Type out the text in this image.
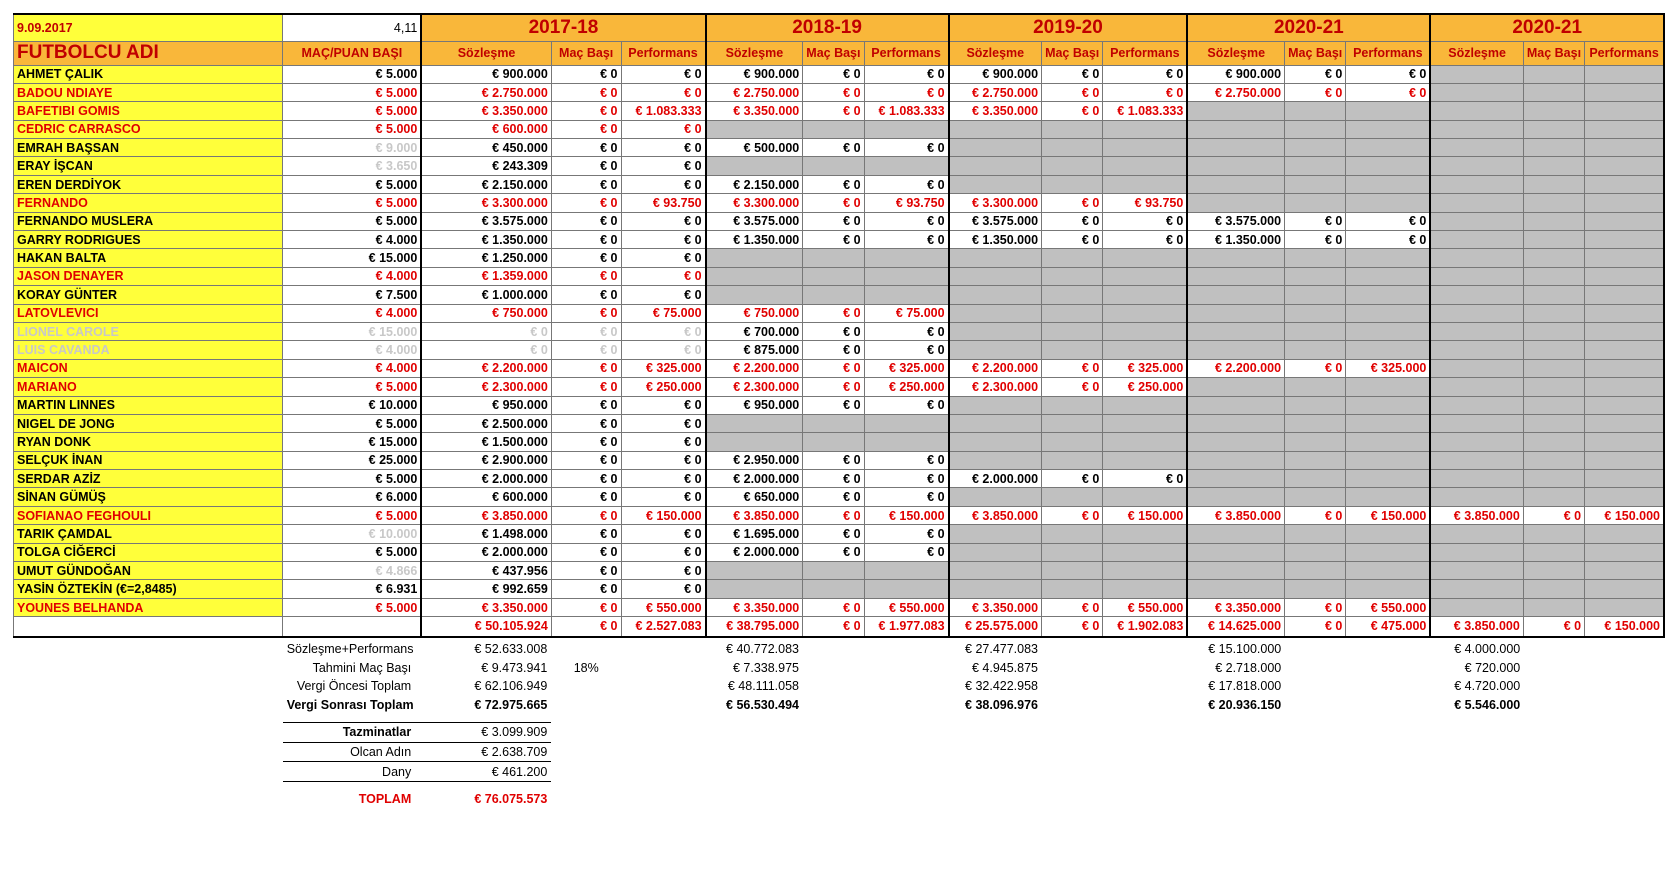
9.09.2017	4,11	2017-18			2018-19			2019-20			2020-21			2020-21		
FUTBOLCU ADI	MAÇ/PUAN BAŞI	Sözleşme	Maç Başı	Performans	Sözleşme	Maç Başı	Performans	Sözleşme	Maç Başı	Performans	Sözleşme	Maç Başı	Performans	Sözleşme	Maç Başı	Performans
AHMET ÇALIK	€ 5.000	€ 900.000	€ 0	€ 0	€ 900.000	€ 0	€ 0	€ 900.000	€ 0	€ 0	€ 900.000	€ 0	€ 0			
BADOU NDIAYE	€ 5.000	€ 2.750.000	€ 0	€ 0	€ 2.750.000	€ 0	€ 0	€ 2.750.000	€ 0	€ 0	€ 2.750.000	€ 0	€ 0			
BAFETIBI GOMIS	€ 5.000	€ 3.350.000	€ 0	€ 1.083.333	€ 3.350.000	€ 0	€ 1.083.333	€ 3.350.000	€ 0	€ 1.083.333						
CEDRIC CARRASCO	€ 5.000	€ 600.000	€ 0	€ 0												
EMRAH BAŞSAN	€ 9.000	€ 450.000	€ 0	€ 0	€ 500.000	€ 0	€ 0									
ERAY İŞCAN	€ 3.650	€ 243.309	€ 0	€ 0												
EREN DERDİYOK	€ 5.000	€ 2.150.000	€ 0	€ 0	€ 2.150.000	€ 0	€ 0									
FERNANDO	€ 5.000	€ 3.300.000	€ 0	€ 93.750	€ 3.300.000	€ 0	€ 93.750	€ 3.300.000	€ 0	€ 93.750						
FERNANDO MUSLERA	€ 5.000	€ 3.575.000	€ 0	€ 0	€ 3.575.000	€ 0	€ 0	€ 3.575.000	€ 0	€ 0	€ 3.575.000	€ 0	€ 0			
GARRY RODRIGUES	€ 4.000	€ 1.350.000	€ 0	€ 0	€ 1.350.000	€ 0	€ 0	€ 1.350.000	€ 0	€ 0	€ 1.350.000	€ 0	€ 0			
HAKAN BALTA	€ 15.000	€ 1.250.000	€ 0	€ 0												
JASON DENAYER	€ 4.000	€ 1.359.000	€ 0	€ 0												
KORAY GÜNTER	€ 7.500	€ 1.000.000	€ 0	€ 0												
LATOVLEVICI	€ 4.000	€ 750.000	€ 0	€ 75.000	€ 750.000	€ 0	€ 75.000									
LIONEL CAROLE	€ 15.000	€ 0	€ 0	€ 0	€ 700.000	€ 0	€ 0									
LUIS CAVANDA	€ 4.000	€ 0	€ 0	€ 0	€ 875.000	€ 0	€ 0									
MAICON	€ 4.000	€ 2.200.000	€ 0	€ 325.000	€ 2.200.000	€ 0	€ 325.000	€ 2.200.000	€ 0	€ 325.000	€ 2.200.000	€ 0	€ 325.000			
MARIANO	€ 5.000	€ 2.300.000	€ 0	€ 250.000	€ 2.300.000	€ 0	€ 250.000	€ 2.300.000	€ 0	€ 250.000						
MARTIN LINNES	€ 10.000	€ 950.000	€ 0	€ 0	€ 950.000	€ 0	€ 0									
NIGEL DE JONG	€ 5.000	€ 2.500.000	€ 0	€ 0												
RYAN DONK	€ 15.000	€ 1.500.000	€ 0	€ 0												
SELÇUK İNAN	€ 25.000	€ 2.900.000	€ 0	€ 0	€ 2.950.000	€ 0	€ 0									
SERDAR AZİZ	€ 5.000	€ 2.000.000	€ 0	€ 0	€ 2.000.000	€ 0	€ 0	€ 2.000.000	€ 0	€ 0						
SİNAN GÜMÜŞ	€ 6.000	€ 600.000	€ 0	€ 0	€ 650.000	€ 0	€ 0									
SOFIANAO FEGHOULI	€ 5.000	€ 3.850.000	€ 0	€ 150.000	€ 3.850.000	€ 0	€ 150.000	€ 3.850.000	€ 0	€ 150.000	€ 3.850.000	€ 0	€ 150.000	€ 3.850.000	€ 0	€ 150.000
TARIK ÇAMDAL	€ 10.000	€ 1.498.000	€ 0	€ 0	€ 1.695.000	€ 0	€ 0									
TOLGA CİĞERCİ	€ 5.000	€ 2.000.000	€ 0	€ 0	€ 2.000.000	€ 0	€ 0									
UMUT GÜNDOĞAN	€ 4.866	€ 437.956	€ 0	€ 0												
YASİN ÖZTEKİN (€=2,8485)	€ 6.931	€ 992.659	€ 0	€ 0												
YOUNES BELHANDA	€ 5.000	€ 3.350.000	€ 0	€ 550.000	€ 3.350.000	€ 0	€ 550.000	€ 3.350.000	€ 0	€ 550.000	€ 3.350.000	€ 0	€ 550.000			
		€ 50.105.924	€ 0	€ 2.527.083	€ 38.795.000	€ 0	€ 1.977.083	€ 25.575.000	€ 0	€ 1.902.083	€ 14.625.000	€ 0	€ 475.000	€ 3.850.000	€ 0	€ 150.000
	Sözleşme+Performans	€ 52.633.008			€ 40.772.083			€ 27.477.083			€ 15.100.000			€ 4.000.000		
	Tahmini Maç Başı	€ 9.473.941	18%		€ 7.338.975			€ 4.945.875			€ 2.718.000			€ 720.000		
	Vergi Öncesi Toplam	€ 62.106.949			€ 48.111.058			€ 32.422.958			€ 17.818.000			€ 4.720.000		
	Vergi Sonrası Toplam	€ 72.975.665			€ 56.530.494			€ 38.096.976			€ 20.936.150			€ 5.546.000		

	Tazminatlar	€ 3.099.909														
	Olcan Adın	€ 2.638.709														
	Dany	€ 461.200														

	TOPLAM	€ 76.075.573														
